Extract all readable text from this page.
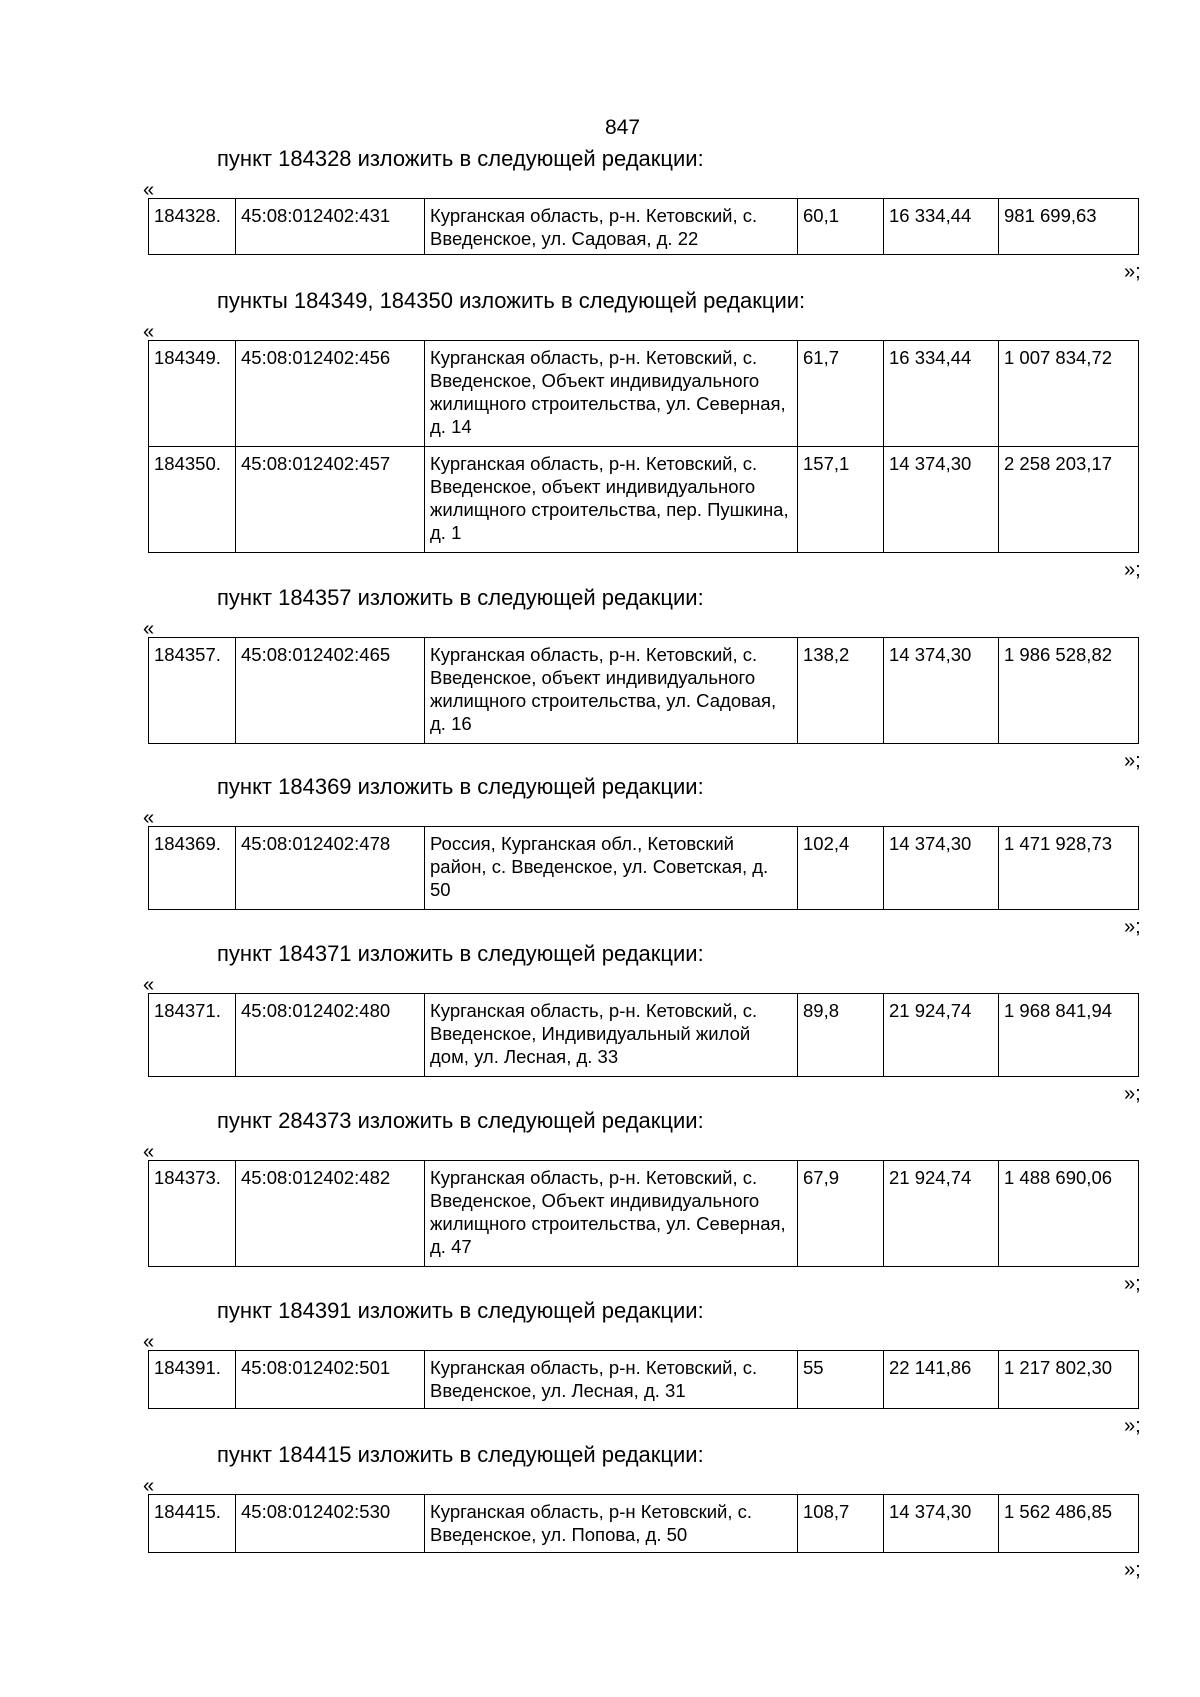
847
пункт 184328 изложить в следующей редакции:
«
184328.	45:08:012402:431	Курганская область, р-н. Кетовский, с. Введенское, ул. Садовая, д. 22	60,1	16 334,44	981 699,63
»;
пункты 184349, 184350 изложить в следующей редакции:
«
184349.	45:08:012402:456	Курганская область, р-н. Кетовский, с. Введенское, Объект индивидуального жилищного строительства, ул. Северная, д. 14	61,7	16 334,44	1 007 834,72
184350.	45:08:012402:457	Курганская область, р-н. Кетовский, с. Введенское, объект индивидуального жилищного строительства, пер. Пушкина, д. 1	157,1	14 374,30	2 258 203,17
»;
пункт 184357 изложить в следующей редакции:
«
184357.	45:08:012402:465	Курганская область, р-н. Кетовский, с. Введенское, объект индивидуального жилищного строительства, ул. Садовая, д. 16	138,2	14 374,30	1 986 528,82
»;
пункт 184369 изложить в следующей редакции:
«
184369.	45:08:012402:478	Россия, Курганская обл., Кетовский район, с. Введенское, ул. Советская, д. 50	102,4	14 374,30	1 471 928,73
»;
пункт 184371 изложить в следующей редакции:
«
184371.	45:08:012402:480	Курганская область, р-н. Кетовский, с. Введенское, Индивидуальный жилой дом, ул. Лесная, д. 33	89,8	21 924,74	1 968 841,94
»;
пункт 284373 изложить в следующей редакции:
«
184373.	45:08:012402:482	Курганская область, р-н. Кетовский, с. Введенское, Объект индивидуального жилищного строительства, ул. Северная, д. 47	67,9	21 924,74	1 488 690,06
»;
пункт 184391 изложить в следующей редакции:
«
184391.	45:08:012402:501	Курганская область, р-н. Кетовский, с. Введенское, ул. Лесная, д. 31	55	22 141,86	1 217 802,30
»;
пункт 184415 изложить в следующей редакции:
«
184415.	45:08:012402:530	Курганская область, р-н Кетовский, с. Введенское, ул. Попова, д. 50	108,7	14 374,30	1 562 486,85
»;
